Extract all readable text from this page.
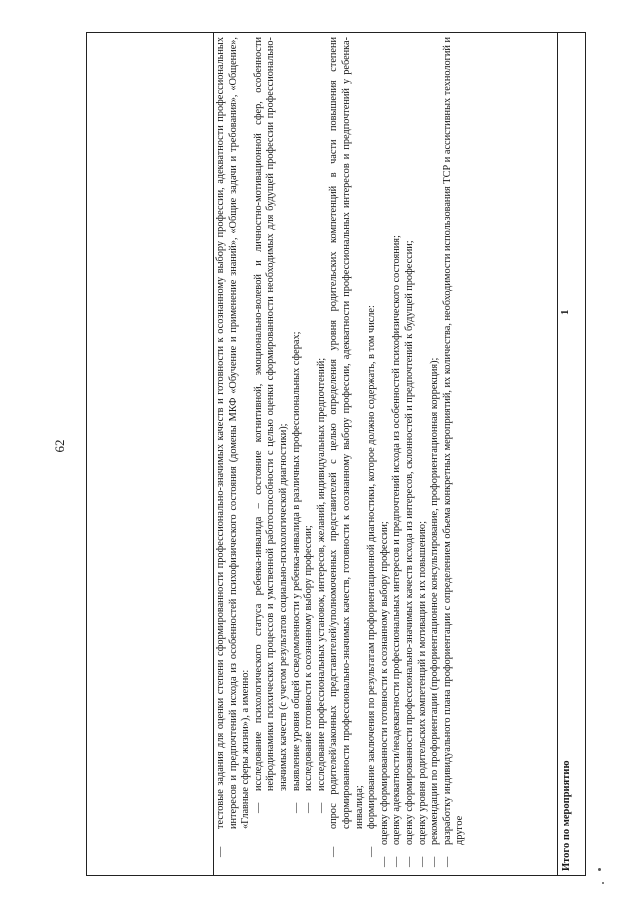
62
—
тестовые задания для оценки степени сформированности профессионально-значимых качеств и готовности к осознанному выбору профессии, адекватности профессиональных интересов и предпочтений исхода из особенностей психофизического состояния (домены МКФ «Обучение и применение знаний», «Общие задачи и требования», «Общение», «Главные сферы жизни»), а именно: —
исследование психологического статуса ребенка-инвалида – состояние когнитивной, эмоционально-волевой и личностно-мотивационной сфер, особенности нейродинамики психических процессов и умственной работоспособности с целью оценки сформированности необходимых для будущей профессии профессионально-значимых качеств (с учетом результатов социально-психологической диагностики);
—
выявление уровня общей осведомленности у ребенка-инвалида в различных профессиональных сферах;
—
исследование готовности к осознанному выбору профессии;
—
исследование профессиональных установок, интересов, желаний, индивидуальных предпочтений;
—
опрос родителей/законных представителей/уполномоченных представителей с целью определения уровня родительских компетенций в части повышения степени сформированности профессионально-значимых качеств, готовности к осознанному выбору профессии, адекватности профессиональных интересов и предпочтений у ребенка-инвалида;
—
формирование заключения по результатам профориентационной диагностики, которое должно содержать, в том числе:
—
оценку сформированности готовности к осознанному выбору профессии;
—
оценку адекватности/неадекватности профессиональных интересов и предпочтений исхода из особенностей психофизического состояния;
—
оценку сформированности профессионально-значимых качеств исхода из интересов, склонностей и предпочтений к будущей профессии;
—
оценку уровня родительских компетенций и мотивации к их повышению;
—
рекомендации по профориентации (профориентационное консультирование, профориентационная коррекция);
—
разработку индивидуального плана профориентации с определением объема конкретных мероприятий, их количества, необходимости использования ТСР и ассистивных технологий и другое	Итого по мероприятию
1
